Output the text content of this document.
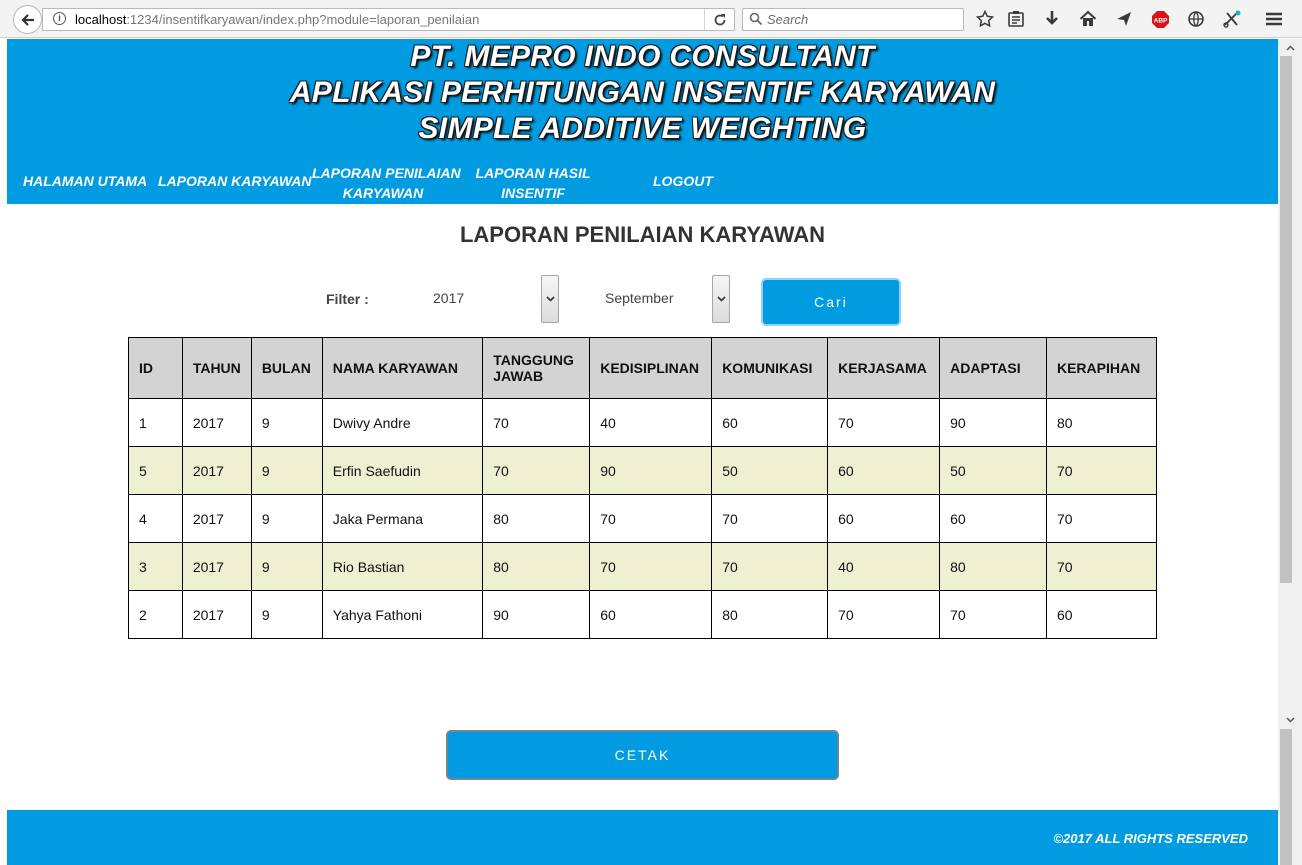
i	localhost:1234/insentifkaryawan/index.php?module=laporan_penilaian
Search	ABP
PT. MEPRO INDO CONSULTANT
APLIKASI PERHITUNGAN INSENTIF KARYAWAN
SIMPLE ADDITIVE WEIGHTING
HALAMAN UTAMA LAPORAN KARYAWAN LAPORAN PENILAIAN
KARYAWAN
LAPORAN HASIL
INSENTIF
LOGOUT
LAPORAN PENILAIAN KARYAWAN
Filter :	2017	September	Cari
ID	TAHUN	BULAN	NAMA KARYAWAN	TANGGUNG JAWAB	KEDISIPLINAN	KOMUNIKASI	KERJASAMA	ADAPTASI	KERAPIHAN
1	2017	9	Dwivy Andre	70	40	60	70	90	80
5	2017	9	Erfin Saefudin	70	90	50	60	50	70
4	2017	9	Jaka Permana	80	70	70	60	60	70
3	2017	9	Rio Bastian	80	70	70	40	80	70
2	2017	9	Yahya Fathoni	90	60	80	70	70	60
CETAK
©2017 ALL RIGHTS RESERVED
